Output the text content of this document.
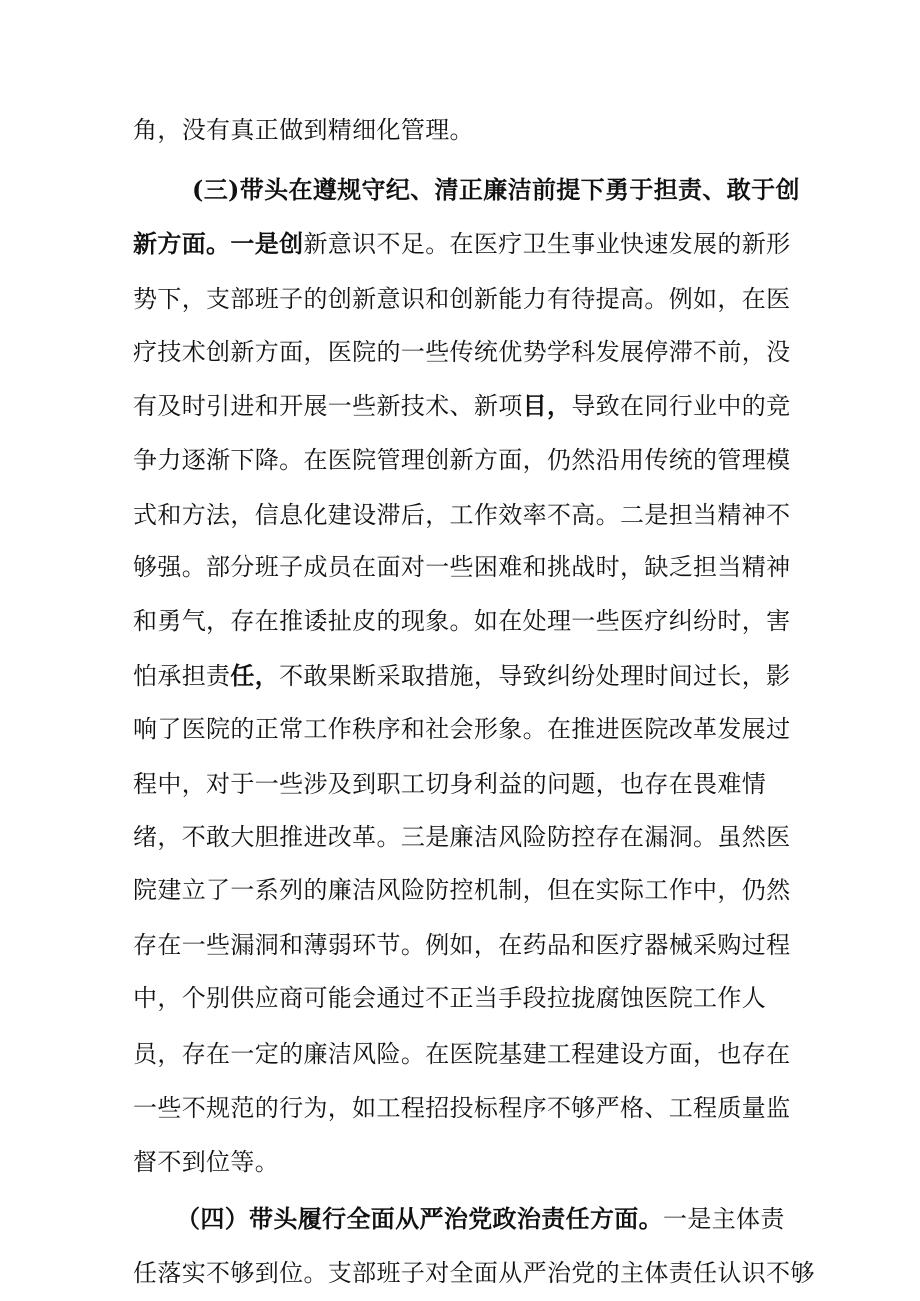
角，没有真正做到精细化管理。
(三)带头在遵规守纪、清正廉洁前提下勇于担责、敢于创
新方面。一是创新意识不足。在医疗卫生事业快速发展的新形
势下，支部班子的创新意识和创新能力有待提高。例如，在医
疗技术创新方面，医院的一些传统优势学科发展停滞不前，没
有及时引进和开展一些新技术、新项目，导致在同行业中的竞
争力逐渐下降。在医院管理创新方面，仍然沿用传统的管理模
式和方法，信息化建设滞后，工作效率不高。二是担当精神不
够强。部分班子成员在面对一些困难和挑战时，缺乏担当精神
和勇气，存在推诿扯皮的现象。如在处理一些医疗纠纷时，害
怕承担责任，不敢果断采取措施，导致纠纷处理时间过长，影
响了医院的正常工作秩序和社会形象。在推进医院改革发展过
程中，对于一些涉及到职工切身利益的问题，也存在畏难情
绪，不敢大胆推进改革。三是廉洁风险防控存在漏洞。虽然医
院建立了一系列的廉洁风险防控机制，但在实际工作中，仍然
存在一些漏洞和薄弱环节。例如，在药品和医疗器械采购过程
中，个别供应商可能会通过不正当手段拉拢腐蚀医院工作人
员，存在一定的廉洁风险。在医院基建工程建设方面，也存在
一些不规范的行为，如工程招投标程序不够严格、工程质量监
督不到位等。
（四）带头履行全面从严治党政治责任方面。一是主体责
任落实不够到位。支部班子对全面从严治党的主体责任认识不够
